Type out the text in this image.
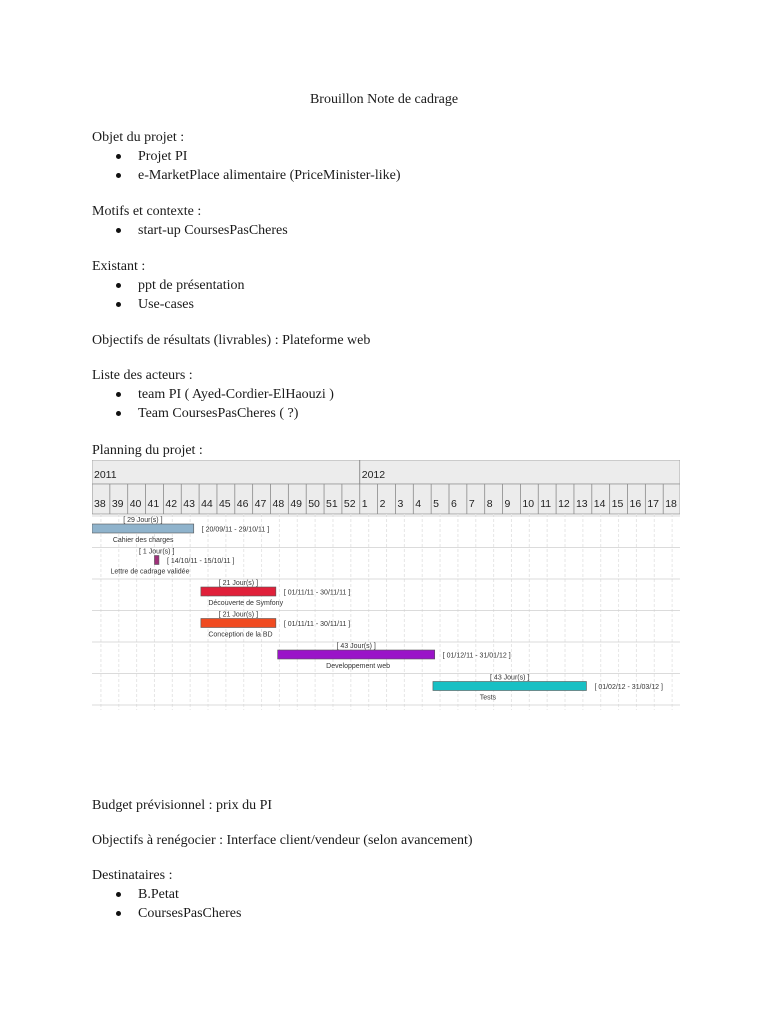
Brouillon Note de cadrage
Objet du projet :
Projet PI
e-MarketPlace alimentaire (PriceMinister-like)
Motifs et contexte :
start-up CoursesPasCheres
Existant :
ppt de présentation
Use-cases
Objectifs de résultats (livrables) : Plateforme web
Liste des acteurs :
team PI ( Ayed-Cordier-ElHaouzi )
Team CoursesPasCheres ( ?)
Planning du projet :
2011	2012
38 39 40 41 42 43 44 45 46 47 48 49 50 51 52 1 2 3 4 5 6 7 8 9 10 11 12 13 14 15 16 17 18
[ 29 Jour(s) ]
[ 20/09/11 - 29/10/11 ]
Cahier des charges
[ 1 Jour(s) ]
[ 14/10/11 - 15/10/11 ]
Lettre de cadrage validée
[ 21 Jour(s) ]
[ 01/11/11 - 30/11/11 ]
Découverte de Symfony
[ 21 Jour(s) ]
[ 01/11/11 - 30/11/11 ]
Conception de la BD
[ 43 Jour(s) ]
[ 01/12/11 - 31/01/12 ]
Developpement web
[ 43 Jour(s) ]
[ 01/02/12 - 31/03/12 ]
Tests
Budget prévisionnel : prix du PI
Objectifs à renégocier : Interface client/vendeur (selon avancement)
Destinataires :
B.Petat
CoursesPasCheres
